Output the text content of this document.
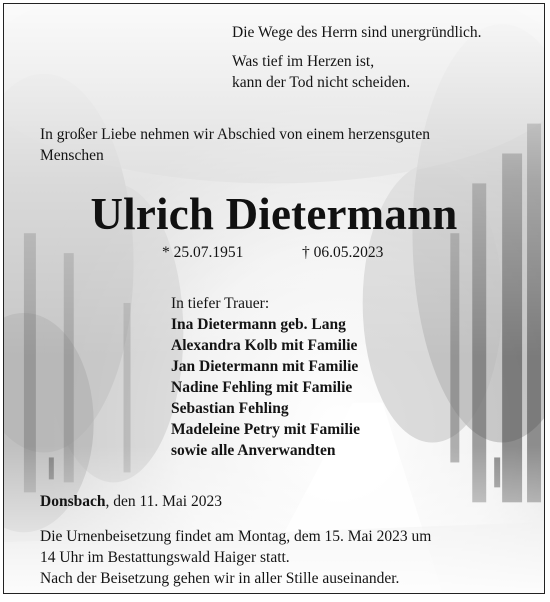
Die Wege des Herrn sind unergründlich.

Was tief im Herzen ist,
kann der Tod nicht scheiden.
In großer Liebe nehmen wir Abschied von einem herzensguten
Menschen
Ulrich Dietermann
* 25.07.1951	† 06.05.2023
In tiefer Trauer:
Ina Dietermann geb. Lang
Alexandra Kolb mit Familie
Jan Dietermann mit Familie
Nadine Fehling mit Familie
Sebastian Fehling
Madeleine Petry mit Familie
sowie alle Anverwandten
Donsbach, den 11. Mai 2023
Die Urnenbeisetzung findet am Montag, dem 15. Mai 2023 um
14 Uhr im Bestattungswald Haiger statt.
Nach der Beisetzung gehen wir in aller Stille auseinander.
